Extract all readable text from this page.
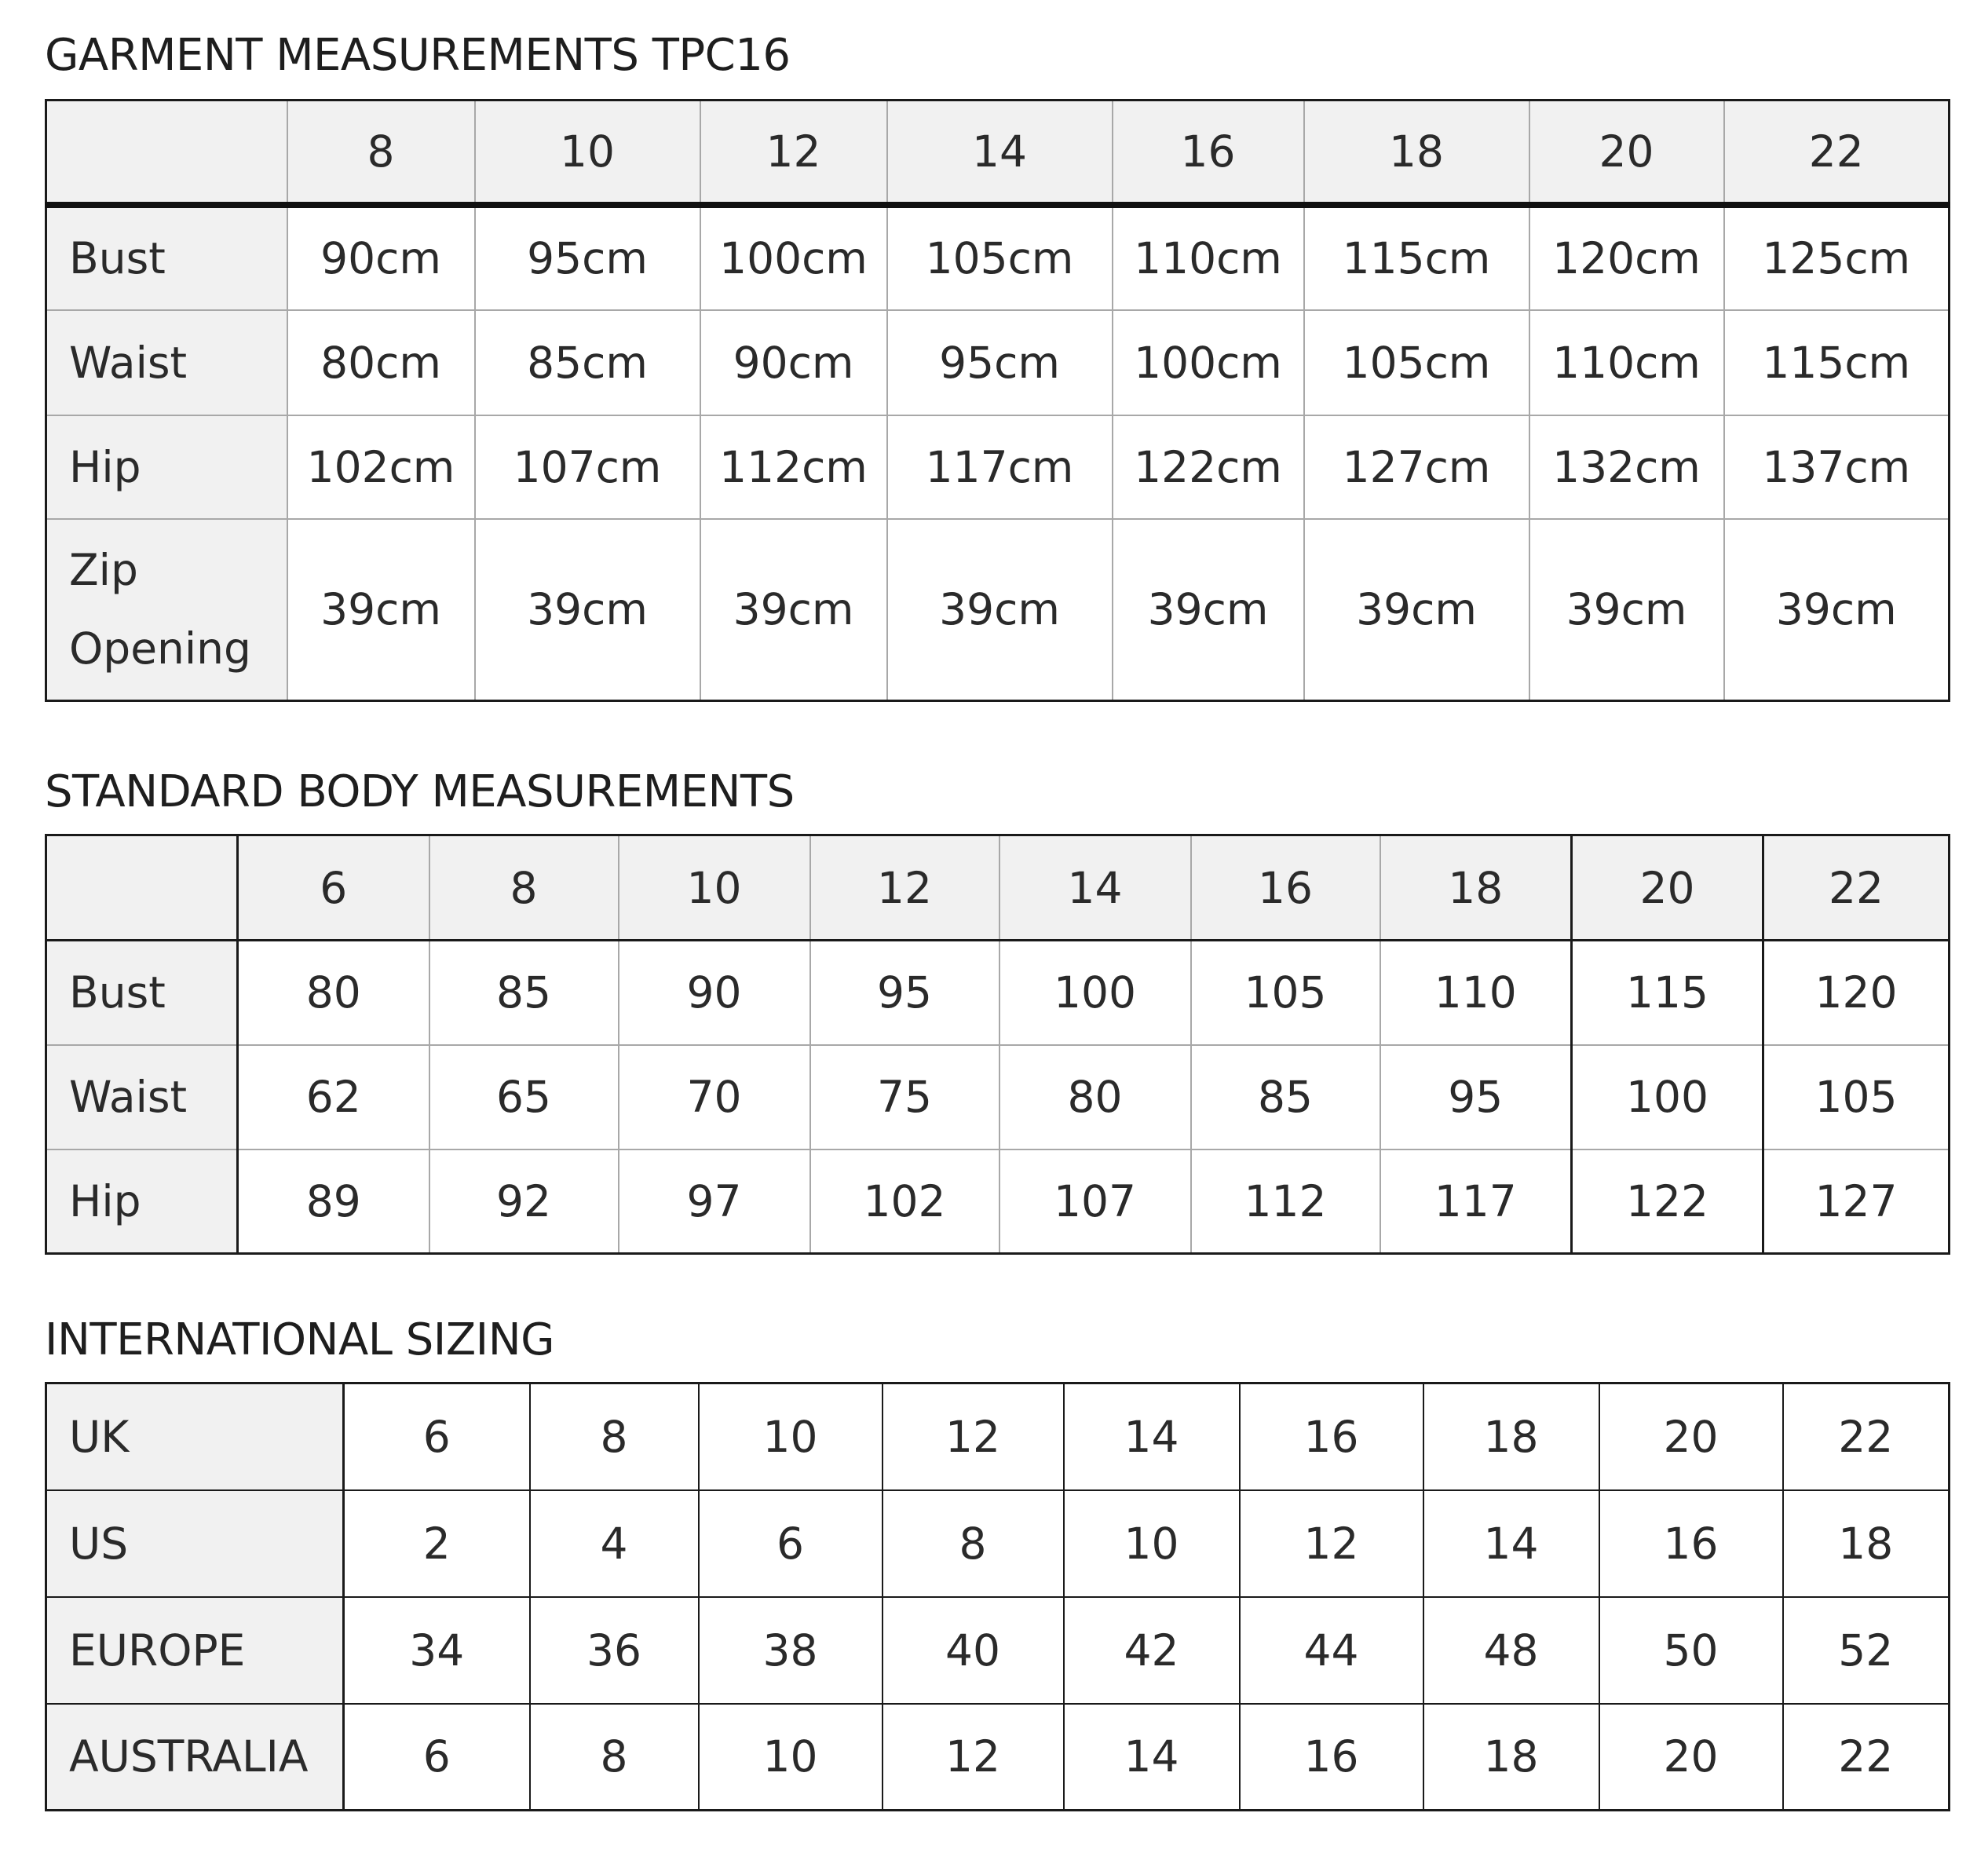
GARMENT MEASUREMENTS TPC16
	8	10	12	14	16	18	20	22
Bust	90cm	95cm	100cm	105cm	110cm	115cm	120cm	125cm
Waist	80cm	85cm	90cm	95cm	100cm	105cm	110cm	115cm
Hip	102cm	107cm	112cm	117cm	122cm	127cm	132cm	137cm
Zip
Opening	39cm	39cm	39cm	39cm	39cm	39cm	39cm	39cm
STANDARD BODY MEASUREMENTS
	6	8	10	12	14	16	18	20	22
Bust	80	85	90	95	100	105	110	115	120
Waist	62	65	70	75	80	85	95	100	105
Hip	89	92	97	102	107	112	117	122	127
INTERNATIONAL SIZING
UK	6	8	10	12	14	16	18	20	22
US	2	4	6	8	10	12	14	16	18
EUROPE	34	36	38	40	42	44	48	50	52
AUSTRALIA	6	8	10	12	14	16	18	20	22
